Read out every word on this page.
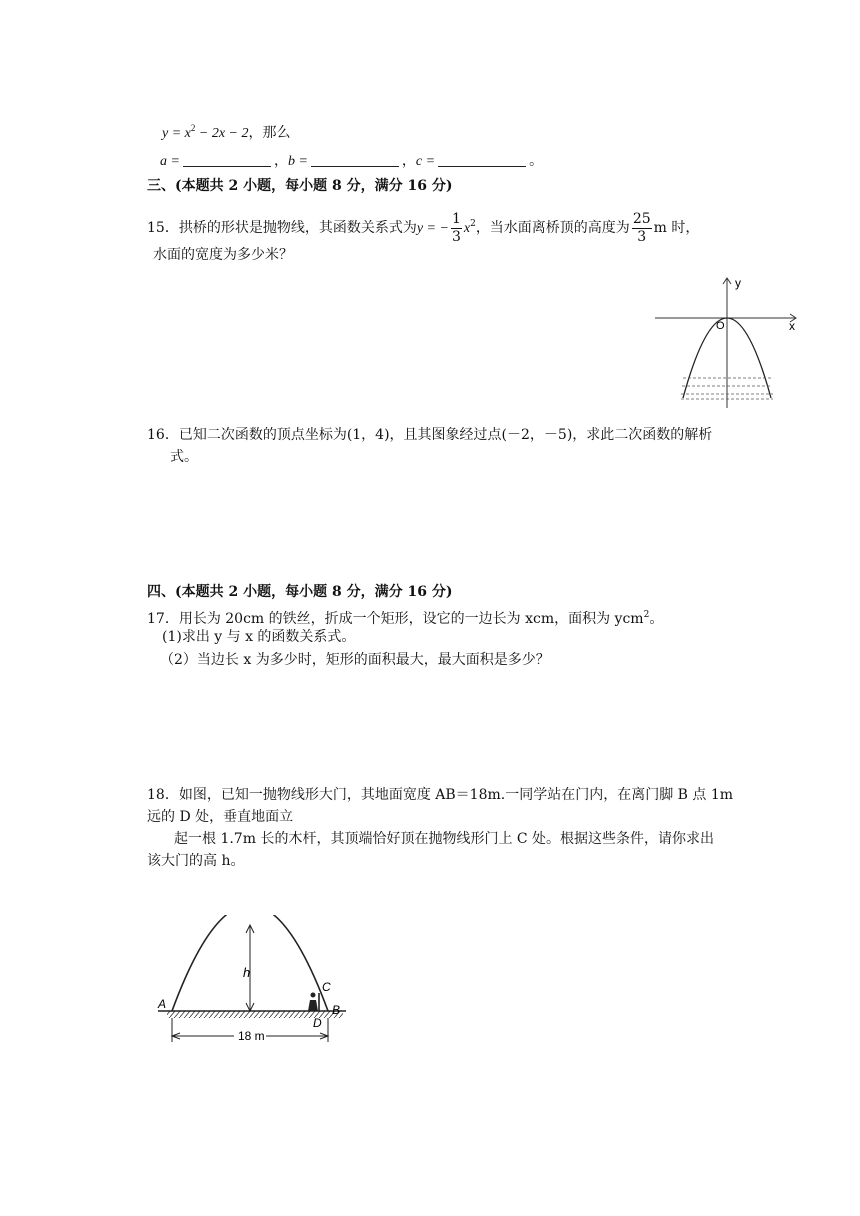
$y = x^2 - 2x - 2$，那么
a =	，b =	，c =	。
三、(本题共 2 小题，每小题 8 分，满分 16 分)
15．拱桥的形状是抛物线，其函数关系式为y = − $\frac{1}{3} x^2$，当水面离桥顶的高度为 $\frac{25}{3}$ m 时，
水面的宽度为多少米？
y
x
O
16．已知二次函数的顶点坐标为(1，4)，且其图象经过点(－2，－5)，求此二次函数的解析
式。
四、(本题共 2 小题，每小题 8 分，满分 16 分)
17．用长为 20cm 的铁丝，折成一个矩形，设它的一边长为 xcm，面积为 ycm$^2$。
(1)求出 y 与 x 的函数关系式。
（2）当边长 x 为多少时，矩形的面积最大，最大面积是多少？
18．如图，已知一抛物线形大门，其地面宽度 AB＝18m.一同学站在门内，在离门脚 B 点 1m
远的 D 处，垂直地面立
起一根 1.7m 长的木杆，其顶端恰好顶在抛物线形门上 C 处。根据这些条件，请你求出
该大门的高 h。
h
A	B
C
D
18 m
